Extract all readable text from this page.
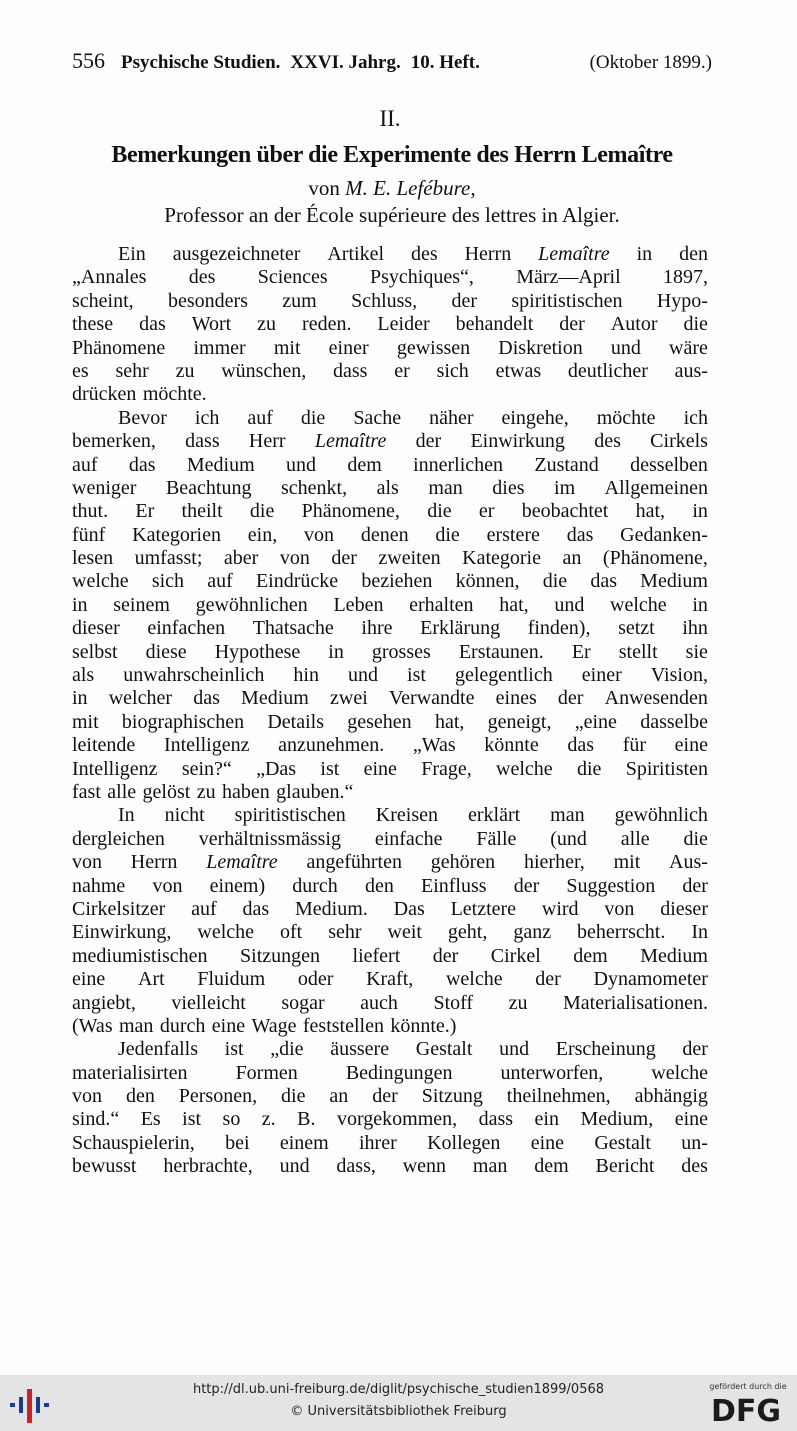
556 Psychische Studien. XXVI. Jahrg. 10. Heft.	(Oktober 1899.)
II.
Bemerkungen über die Experimente des Herrn Lemaître
von M. E. Lefébure,
Professor an der École supérieure des lettres in Algier.
Ein ausgezeichneter Artikel des Herrn Lemaître in den
„Annales des Sciences Psychiques“, März—April 1897,
scheint, besonders zum Schluss, der spiritistischen Hypo-
these das Wort zu reden. Leider behandelt der Autor die
Phänomene immer mit einer gewissen Diskretion und wäre
es sehr zu wünschen, dass er sich etwas deutlicher aus-
drücken möchte.
Bevor ich auf die Sache näher eingehe, möchte ich
bemerken, dass Herr Lemaître der Einwirkung des Cirkels
auf das Medium und dem innerlichen Zustand desselben
weniger Beachtung schenkt, als man dies im Allgemeinen
thut. Er theilt die Phänomene, die er beobachtet hat, in
fünf Kategorien ein, von denen die erstere das Gedanken-
lesen umfasst; aber von der zweiten Kategorie an (Phänomene,
welche sich auf Eindrücke beziehen können, die das Medium
in seinem gewöhnlichen Leben erhalten hat, und welche in
dieser einfachen Thatsache ihre Erklärung finden), setzt ihn
selbst diese Hypothese in grosses Erstaunen. Er stellt sie
als unwahrscheinlich hin und ist gelegentlich einer Vision,
in welcher das Medium zwei Verwandte eines der Anwesenden
mit biographischen Details gesehen hat, geneigt, „eine dasselbe
leitende Intelligenz anzunehmen. „Was könnte das für eine
Intelligenz sein?“ „Das ist eine Frage, welche die Spiritisten
fast alle gelöst zu haben glauben.“
In nicht spiritistischen Kreisen erklärt man gewöhnlich
dergleichen verhältnissmässig einfache Fälle (und alle die
von Herrn Lemaître angeführten gehören hierher, mit Aus-
nahme von einem) durch den Einfluss der Suggestion der
Cirkelsitzer auf das Medium. Das Letztere wird von dieser
Einwirkung, welche oft sehr weit geht, ganz beherrscht. In
mediumistischen Sitzungen liefert der Cirkel dem Medium
eine Art Fluidum oder Kraft, welche der Dynamometer
angiebt, vielleicht sogar auch Stoff zu Materialisationen.
(Was man durch eine Wage feststellen könnte.)
Jedenfalls ist „die äussere Gestalt und Erscheinung der
materialisirten Formen Bedingungen unterworfen, welche
von den Personen, die an der Sitzung theilnehmen, abhängig
sind.“ Es ist so z. B. vorgekommen, dass ein Medium, eine
Schauspielerin, bei einem ihrer Kollegen eine Gestalt un-
bewusst herbrachte, und dass, wenn man dem Bericht des
http://dl.ub.uni-freiburg.de/diglit/psychische_studien1899/0568
© Universitätsbibliothek Freiburg
gefördert durch die
DFG
